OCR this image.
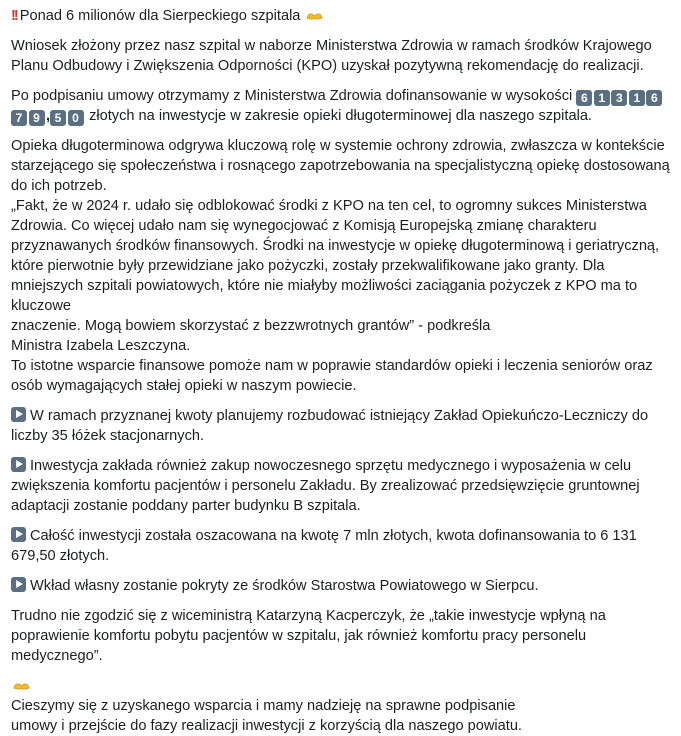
!! Ponad 6 milionów dla Sierpeckiego szpitala

Wniosek złożony przez nasz szpital w naborze Ministerstwa Zdrowia w ramach środków Krajowego Planu Odbudowy i Zwiększenia Odporności (KPO) uzyskał pozytywną rekomendację do realizacji.

Po podpisaniu umowy otrzymamy z Ministerstwa Zdrowia dofinansowanie w wysokości 6 1 3 1 67 9 , 5 0 złotych na inwestycje w zakresie opieki długoterminowej dla naszego szpitala.

Opieka długoterminowa odgrywa kluczową rolę w systemie ochrony zdrowia, zwłaszcza w kontekście starzejącego się społeczeństwa i rosnącego zapotrzebowania na specjalistyczną opiekę dostosowaną do ich potrzeb.

„Fakt, że w 2024 r. udało się odblokować środki z KPO na ten cel, to ogromny sukces Ministerstwa Zdrowia. Co więcej udało nam się wynegocjować z Komisją Europejską zmianę charakteru przyznawanych środków finansowych. Środki na inwestycje w opiekę długoterminową i geriatryczną, które pierwotnie były przewidziane jako pożyczki, zostały przekwalifikowane jako granty. Dla mniejszych szpitali powiatowych, które nie miałyby możliwości zaciągania pożyczek z KPO ma to kluczowe
znaczenie. Mogą bowiem skorzystać z bezzwrotnych grantów” - podkreśla
Ministra Izabela Leszczyna.

To istotne wsparcie finansowe pomoże nam w poprawie standardów opieki i leczenia seniorów oraz osób wymagających stałej opieki w naszym powiecie.

W ramach przyznanej kwoty planujemy rozbudować istniejący Zakład Opiekuńczo-Leczniczy do liczby 35 łóżek stacjonarnych.

Inwestycja zakłada również zakup nowoczesnego sprzętu medycznego i wyposażenia w celu zwiększenia komfortu pacjentów i personelu Zakładu. By zrealizować przedsięwzięcie gruntownej adaptacji zostanie poddany parter budynku B szpitala.

Całość inwestycji została oszacowana na kwotę 7 mln złotych, kwota dofinansowania to 6 131 679,50 złotych.

Wkład własny zostanie pokryty ze środków Starostwa Powiatowego w Sierpcu.

Trudno nie zgodzić się z wiceministrą Katarzyną Kacperczyk, że „takie inwestycje wpłyną na poprawienie komfortu pobytu pacjentów w szpitalu, jak również komfortu pracy personelu medycznego”.

Cieszymy się z uzyskanego wsparcia i mamy nadzieję na sprawne podpisanie
umowy i przejście do fazy realizacji inwestycji z korzyścią dla naszego powiatu.
